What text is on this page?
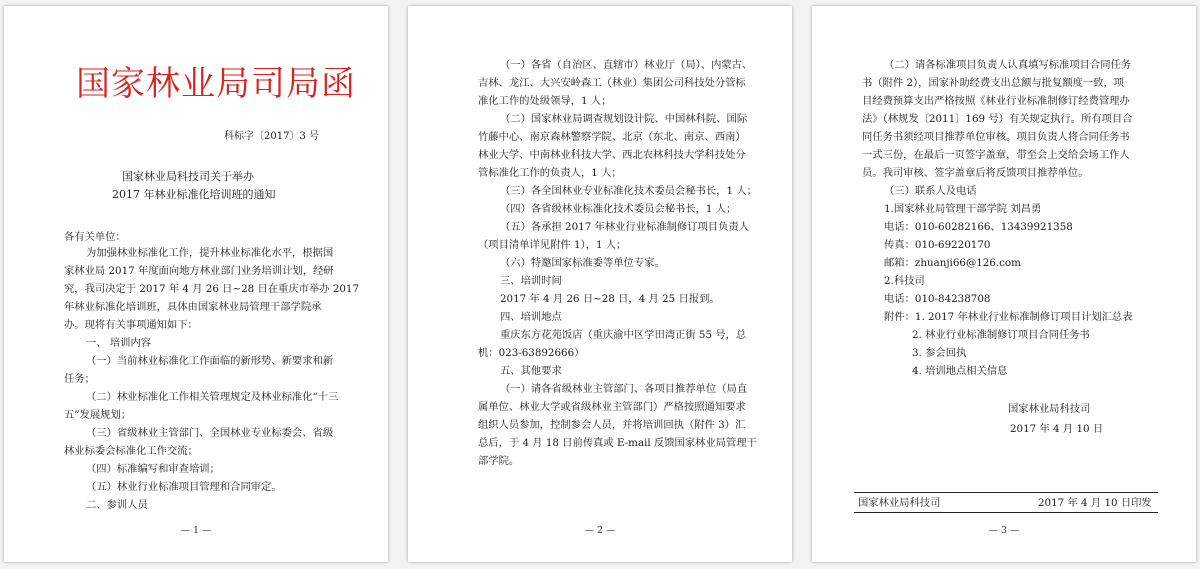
国家林业局司局函
科标字〔2017〕3 号
国家林业局科技司关于举办
2017 年林业标准化培训班的通知
各有关单位：
为加强林业标准化工作，提升林业标准化水平，根据国
家林业局 2017 年度面向地方林业部门业务培训计划，经研
究，我司决定于 2017 年 4 月 26 日~28 日在重庆市举办 2017
年林业标准化培训班，具体由国家林业局管理干部学院承
办。现将有关事项通知如下：
一、 培训内容
（一）当前林业标准化工作面临的新形势、新要求和新
任务；
（二）林业标准化工作相关管理规定及林业标准化“十三
五”发展规划；
（三）省级林业主管部门、全国林业专业标委会、省级
林业标委会标准化工作交流；
（四）标准编写和审查培训；
（五）林业行业标准项目管理和合同审定。
二、参训人员
— 1 —
（一）各省（自治区、直辖市）林业厅（局）、内蒙古、
吉林、龙江、大兴安岭森工（林业）集团公司科技处分管标
准化工作的处级领导，1 人；
（二）国家林业局调查规划设计院、中国林科院、国际
竹藤中心、南京森林警察学院、北京（东北、南京、西南）
林业大学、中南林业科技大学、西北农林科技大学科技处分
管标准化工作的负责人，1 人；
（三）各全国林业专业标准化技术委员会秘书长，1 人；
（四）各省级林业标准化技术委员会秘书长，1 人；
（五）各承担 2017 年林业行业标准制修订项目负责人
（项目清单详见附件 1），1 人；
（六）特邀国家标准委等单位专家。
三、培训时间
2017 年 4 月 26 日~28 日，4 月 25 日报到。
四、培训地点
重庆东方花苑饭店（重庆渝中区学田湾正街 55 号，总
机：023-63892666）
五、其他要求
（一）请各省级林业主管部门、各项目推荐单位（局直
属单位、林业大学或省级林业主管部门）严格按照通知要求
组织人员参加，控制参会人员，并将培训回执（附件 3）汇
总后，于 4 月 18 日前传真或 E-mail 反馈国家林业局管理干
部学院。
— 2 —
（二）请各标准项目负责人认真填写标准项目合同任务
书（附件 2），国家补助经费支出总额与批复额度一致，项
目经费预算支出严格按照《林业行业标准制修订经费管理办
法》（林规发〔2011〕169 号）有关规定执行。所有项目合
同任务书须经项目推荐单位审核。项目负责人将合同任务书
一式三份，在最后一页签字盖章，带至会上交给会场工作人
员。我司审核、签字盖章后将反馈项目推荐单位。
（三）联系人及电话
1.国家林业局管理干部学院 刘昌勇
电话：010-60282166、13439921358
传真：010-69220170
邮箱：zhuanji66@126.com
2.科技司
电话：010-84238708
附件：1. 2017 年林业行业标准制修订项目计划汇总表
2. 林业行业标准制修订项目合同任务书
3. 参会回执
4. 培训地点相关信息
国家林业局科技司
2017 年 4 月 10 日
国家林业局科技司	2017 年 4 月 10 日印发
— 3 —
